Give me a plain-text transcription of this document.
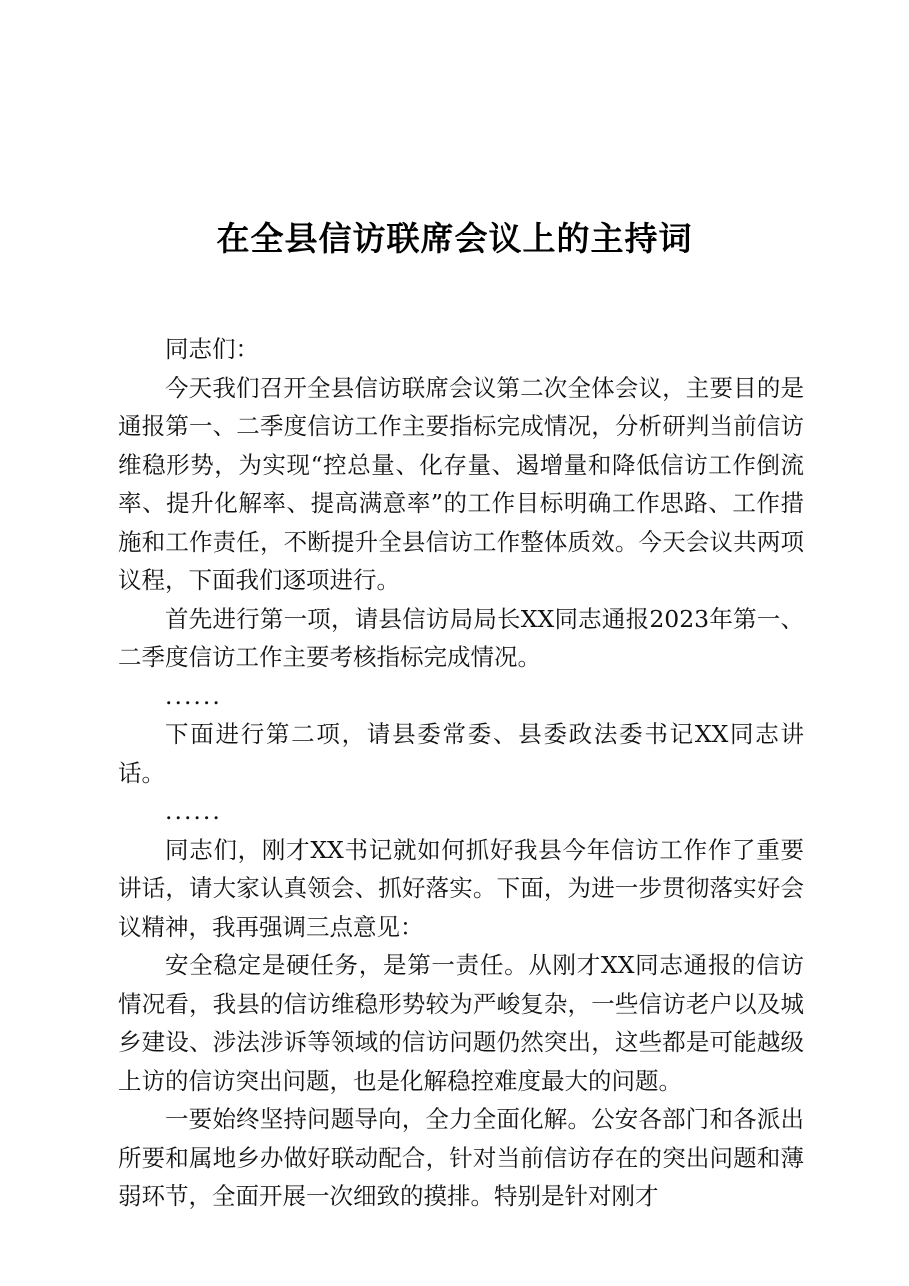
在全县信访联席会议上的主持词

同志们：

今天我们召开全县信访联席会议第二次全体会议，主要目的是通报第一、二季度信访工作主要指标完成情况，分析研判当前信访维稳形势，为实现“控总量、化存量、遏增量和降低信访工作倒流率、提升化解率、提高满意率”的工作目标明确工作思路、工作措施和工作责任，不断提升全县信访工作整体质效。今天会议共两项议程，下面我们逐项进行。

首先进行第一项，请县信访局局长XX同志通报2023年第一、二季度信访工作主要考核指标完成情况。

......

下面进行第二项，请县委常委、县委政法委书记XX同志讲话。

......

同志们，刚才XX书记就如何抓好我县今年信访工作作了重要讲话，请大家认真领会、抓好落实。下面，为进一步贯彻落实好会议精神，我再强调三点意见：

安全稳定是硬任务，是第一责任。从刚才XX同志通报的信访情况看，我县的信访维稳形势较为严峻复杂，一些信访老户以及城乡建设、涉法涉诉等领域的信访问题仍然突出，这些都是可能越级上访的信访突出问题，也是化解稳控难度最大的问题。

一要始终坚持问题导向，全力全面化解。公安各部门和各派出所要和属地乡办做好联动配合，针对当前信访存在的突出问题和薄弱环节，全面开展一次细致的摸排。特别是针对刚才
